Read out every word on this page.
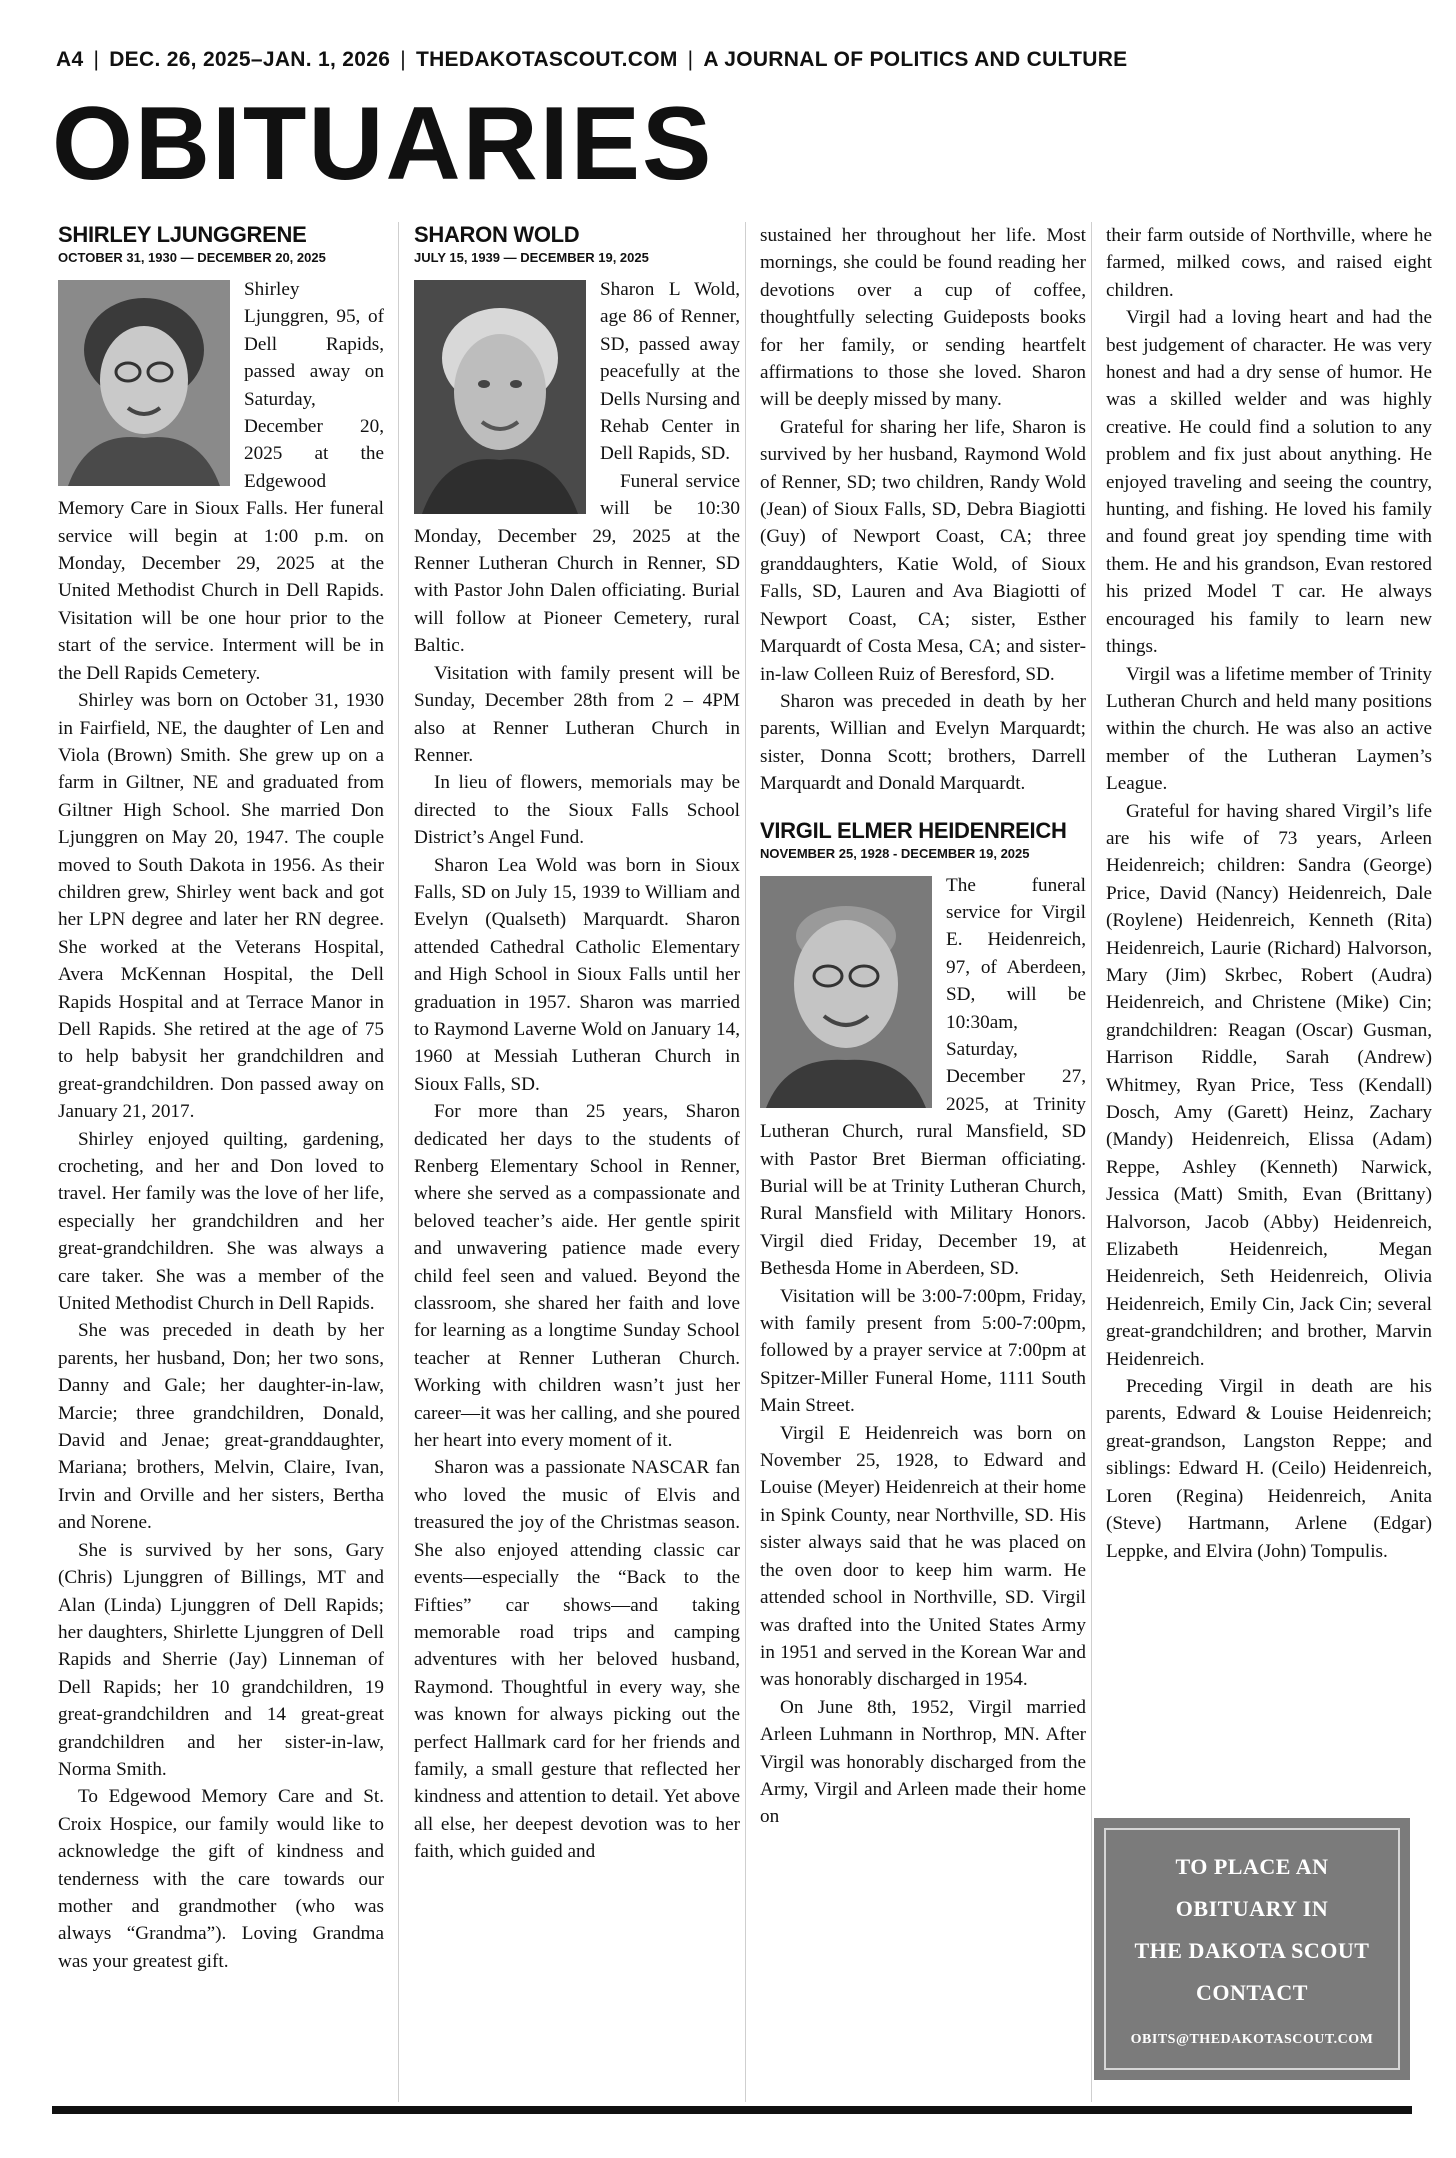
A4 | DEC. 26, 2025–JAN. 1, 2026 | THEDAKOTASCOUT.COM | A JOURNAL OF POLITICS AND CULTURE
OBITUARIES
SHIRLEY LJUNGGRENE
OCTOBER 31, 1930 — DECEMBER 20, 2025

Shirley Ljunggren, 95, of Dell Rapids, passed away on Saturday, December 20, 2025 at the Edgewood Memory Care in Sioux Falls. Her funeral service will begin at 1:00 p.m. on Monday, December 29, 2025 at the United Methodist Church in Dell Rapids. Visitation will be one hour prior to the start of the service. Interment will be in the Dell Rapids Cemetery.

Shirley was born on October 31, 1930 in Fairfield, NE, the daughter of Len and Viola (Brown) Smith. She grew up on a farm in Giltner, NE and graduated from Giltner High School. She married Don Ljunggren on May 20, 1947. The couple moved to South Dakota in 1956. As their children grew, Shirley went back and got her LPN degree and later her RN degree. She worked at the Veterans Hospital, Avera McKennan Hospital, the Dell Rapids Hospital and at Terrace Manor in Dell Rapids. She retired at the age of 75 to help babysit her grandchildren and great-grandchildren. Don passed away on January 21, 2017.

Shirley enjoyed quilting, gardening, crocheting, and her and Don loved to travel. Her family was the love of her life, especially her grandchildren and her great-grandchildren. She was always a care taker. She was a member of the United Methodist Church in Dell Rapids.

She was preceded in death by her parents, her husband, Don; her two sons, Danny and Gale; her daughter-in-law, Marcie; three grandchildren, Donald, David and Jenae; great-granddaughter, Mariana; brothers, Melvin, Claire, Ivan, Irvin and Orville and her sisters, Bertha and Norene.

She is survived by her sons, Gary (Chris) Ljunggren of Billings, MT and Alan (Linda) Ljunggren of Dell Rapids; her daughters, Shirlette Ljunggren of Dell Rapids and Sherrie (Jay) Linneman of Dell Rapids; her 10 grandchildren, 19 great-grandchildren and 14 great-great grandchildren and her sister-in-law, Norma Smith.

To Edgewood Memory Care and St. Croix Hospice, our family would like to acknowledge the gift of kindness and tenderness with the care towards our mother and grandmother (who was always “Grandma”). Loving Grandma was your greatest gift.

SHARON WOLD
JULY 15, 1939 — DECEMBER 19, 2025

Sharon L Wold, age 86 of Renner, SD, passed away peacefully at the Dells Nursing and Rehab Center in Dell Rapids, SD.

Funeral service will be 10:30 Monday, December 29, 2025 at the Renner Lutheran Church in Renner, SD with Pastor John Dalen officiating. Burial will follow at Pioneer Cemetery, rural Baltic.

Visitation with family present will be Sunday, December 28th from 2 – 4PM also at Renner Lutheran Church in Renner.

In lieu of flowers, memorials may be directed to the Sioux Falls School District’s Angel Fund.

Sharon Lea Wold was born in Sioux Falls, SD on July 15, 1939 to William and Evelyn (Qualseth) Marquardt. Sharon attended Cathedral Catholic Elementary and High School in Sioux Falls until her graduation in 1957. Sharon was married to Raymond Laverne Wold on January 14, 1960 at Messiah Lutheran Church in Sioux Falls, SD.

For more than 25 years, Sharon dedicated her days to the students of Renberg Elementary School in Renner, where she served as a compassionate and beloved teacher’s aide. Her gentle spirit and unwavering patience made every child feel seen and valued. Beyond the classroom, she shared her faith and love for learning as a longtime Sunday School teacher at Renner Lutheran Church. Working with children wasn’t just her career—it was her calling, and she poured her heart into every moment of it.

Sharon was a passionate NASCAR fan who loved the music of Elvis and treasured the joy of the Christmas season. She also enjoyed attending classic car events—especially the “Back to the Fifties” car shows—and taking memorable road trips and camping adventures with her beloved husband, Raymond. Thoughtful in every way, she was known for always picking out the perfect Hallmark card for her friends and family, a small gesture that reflected her kindness and attention to detail. Yet above all else, her deepest devotion was to her faith, which guided and

sustained her throughout her life. Most mornings, she could be found reading her devotions over a cup of coffee, thoughtfully selecting Guideposts books for her family, or sending heartfelt affirmations to those she loved. Sharon will be deeply missed by many.

Grateful for sharing her life, Sharon is survived by her husband, Raymond Wold of Renner, SD; two children, Randy Wold (Jean) of Sioux Falls, SD, Debra Biagiotti (Guy) of Newport Coast, CA; three granddaughters, Katie Wold, of Sioux Falls, SD, Lauren and Ava Biagiotti of Newport Coast, CA; sister, Esther Marquardt of Costa Mesa, CA; and sister-in-law Colleen Ruiz of Beresford, SD.

Sharon was preceded in death by her parents, Willian and Evelyn Marquardt; sister, Donna Scott; brothers, Darrell Marquardt and Donald Marquardt.

VIRGIL ELMER HEIDENREICH
NOVEMBER 25, 1928 - DECEMBER 19, 2025

The funeral service for Virgil E. Heidenreich, 97, of Aberdeen, SD, will be 10:30am, Saturday, December 27, 2025, at Trinity Lutheran Church, rural Mansfield, SD with Pastor Bret Bierman officiating. Burial will be at Trinity Lutheran Church, Rural Mansfield with Military Honors. Virgil died Friday, December 19, at Bethesda Home in Aberdeen, SD.

Visitation will be 3:00-7:00pm, Friday, with family present from 5:00-7:00pm, followed by a prayer service at 7:00pm at Spitzer-Miller Funeral Home, 1111 South Main Street.

Virgil E Heidenreich was born on November 25, 1928, to Edward and Louise (Meyer) Heidenreich at their home in Spink County, near Northville, SD. His sister always said that he was placed on the oven door to keep him warm. He attended school in Northville, SD. Virgil was drafted into the United States Army in 1951 and served in the Korean War and was honorably discharged in 1954.

On June 8th, 1952, Virgil married Arleen Luhmann in Northrop, MN. After Virgil was honorably discharged from the Army, Virgil and Arleen made their home on

their farm outside of Northville, where he farmed, milked cows, and raised eight children.

Virgil had a loving heart and had the best judgement of character. He was very honest and had a dry sense of humor. He was a skilled welder and was highly creative. He could find a solution to any problem and fix just about anything. He enjoyed traveling and seeing the country, hunting, and fishing. He loved his family and found great joy spending time with them. He and his grandson, Evan restored his prized Model T car. He always encouraged his family to learn new things.

Virgil was a lifetime member of Trinity Lutheran Church and held many positions within the church. He was also an active member of the Lutheran Laymen’s League.

Grateful for having shared Virgil’s life are his wife of 73 years, Arleen Heidenreich; children: Sandra (George) Price, David (Nancy) Heidenreich, Dale (Roylene) Heidenreich, Kenneth (Rita) Heidenreich, Laurie (Richard) Halvorson, Mary (Jim) Skrbec, Robert (Audra) Heidenreich, and Christene (Mike) Cin; grandchildren: Reagan (Oscar) Gusman, Harrison Riddle, Sarah (Andrew) Whitmey, Ryan Price, Tess (Kendall) Dosch, Amy (Garett) Heinz, Zachary (Mandy) Heidenreich, Elissa (Adam) Reppe, Ashley (Kenneth) Narwick, Jessica (Matt) Smith, Evan (Brittany) Halvorson, Jacob (Abby) Heidenreich, Elizabeth Heidenreich, Megan Heidenreich, Seth Heidenreich, Olivia Heidenreich, Emily Cin, Jack Cin; several great-grandchildren; and brother, Marvin Heidenreich.

Preceding Virgil in death are his parents, Edward & Louise Heidenreich; great-grandson, Langston Reppe; and siblings: Edward H. (Ceilo) Heidenreich, Loren (Regina) Heidenreich, Anita (Steve) Hartmann, Arlene (Edgar) Leppke, and Elvira (John) Tompulis.

TO PLACE AN
OBITUARY IN
THE DAKOTA SCOUT
CONTACT
OBITS@THEDAKOTASCOUT.COM
